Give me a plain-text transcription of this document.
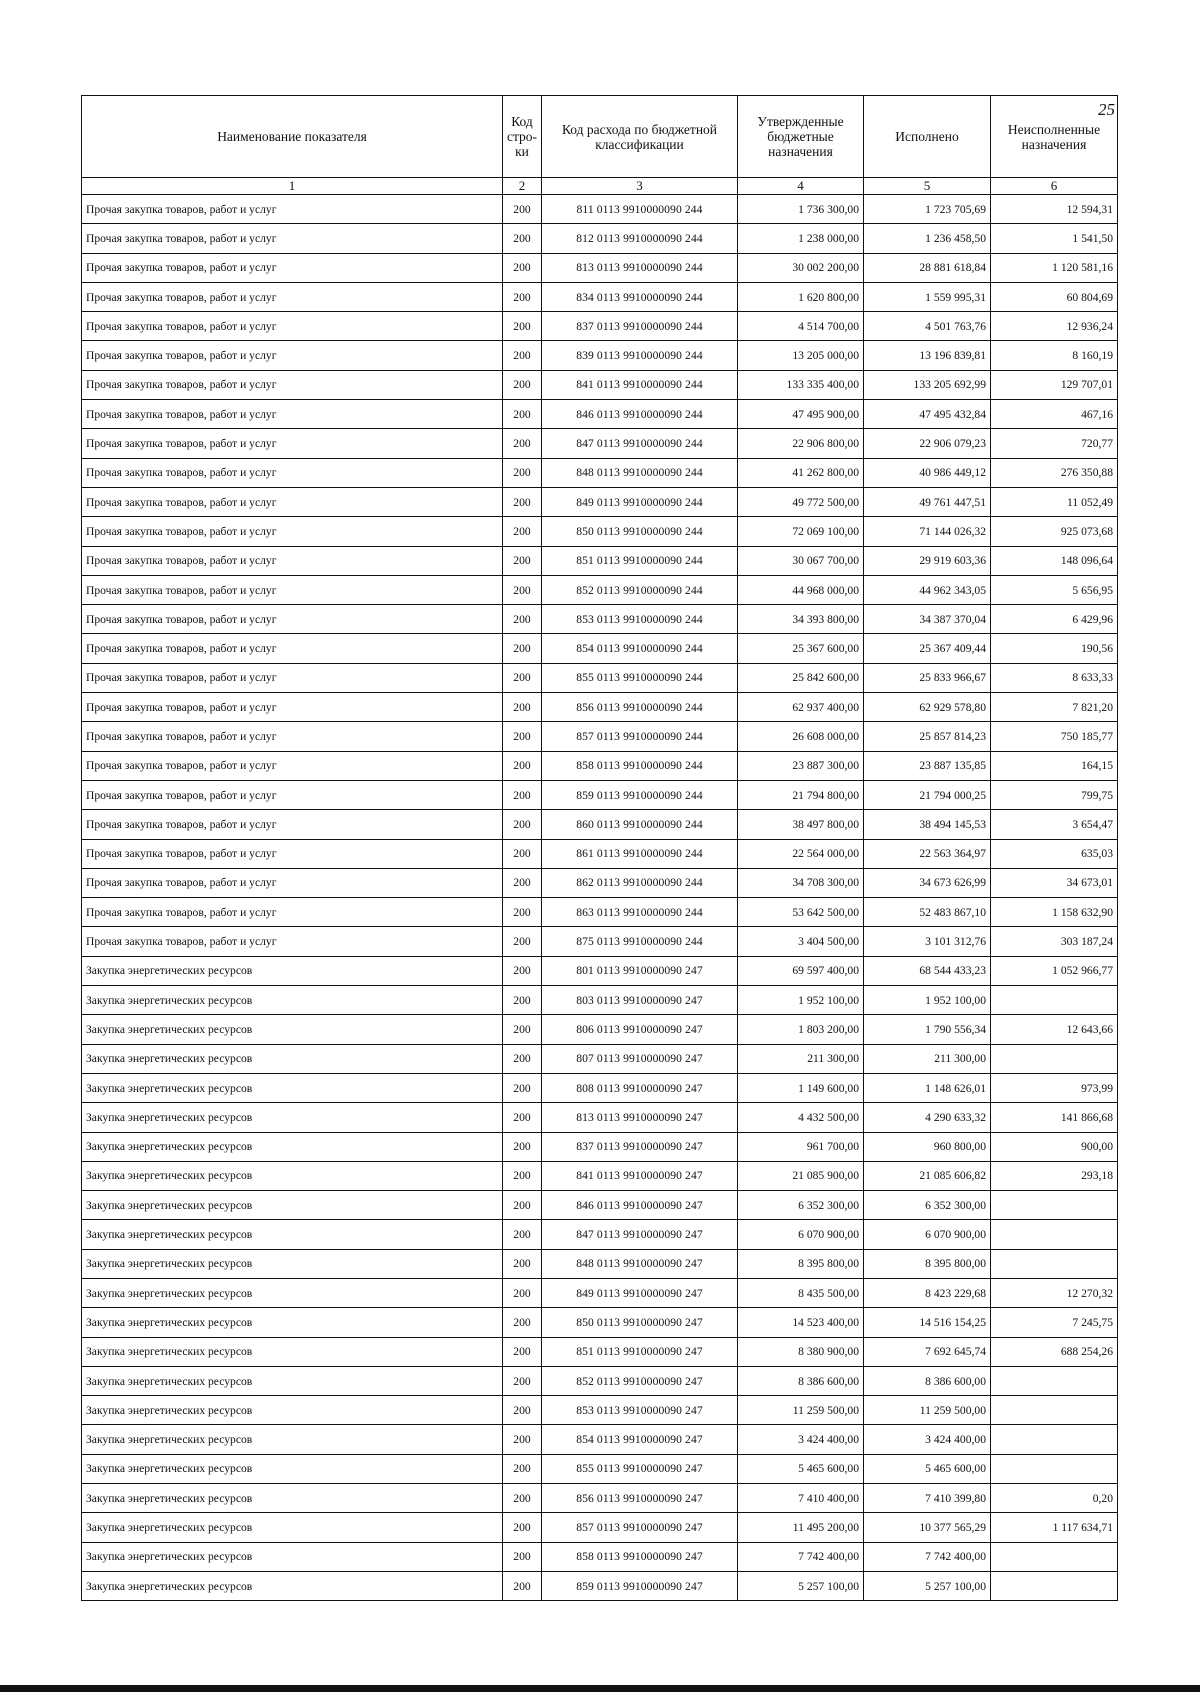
25
Наименование показателя	Код стро-ки	Код расхода по бюджетной классификации	Утвержденные бюджетные назначения	Исполнено	Неисполненные назначения
1	2	3	4	5	6
Прочая закупка товаров, работ и услуг	200	811 0113 9910000090 244	1 736 300,00	1 723 705,69	12 594,31
Прочая закупка товаров, работ и услуг	200	812 0113 9910000090 244	1 238 000,00	1 236 458,50	1 541,50
Прочая закупка товаров, работ и услуг	200	813 0113 9910000090 244	30 002 200,00	28 881 618,84	1 120 581,16
Прочая закупка товаров, работ и услуг	200	834 0113 9910000090 244	1 620 800,00	1 559 995,31	60 804,69
Прочая закупка товаров, работ и услуг	200	837 0113 9910000090 244	4 514 700,00	4 501 763,76	12 936,24
Прочая закупка товаров, работ и услуг	200	839 0113 9910000090 244	13 205 000,00	13 196 839,81	8 160,19
Прочая закупка товаров, работ и услуг	200	841 0113 9910000090 244	133 335 400,00	133 205 692,99	129 707,01
Прочая закупка товаров, работ и услуг	200	846 0113 9910000090 244	47 495 900,00	47 495 432,84	467,16
Прочая закупка товаров, работ и услуг	200	847 0113 9910000090 244	22 906 800,00	22 906 079,23	720,77
Прочая закупка товаров, работ и услуг	200	848 0113 9910000090 244	41 262 800,00	40 986 449,12	276 350,88
Прочая закупка товаров, работ и услуг	200	849 0113 9910000090 244	49 772 500,00	49 761 447,51	11 052,49
Прочая закупка товаров, работ и услуг	200	850 0113 9910000090 244	72 069 100,00	71 144 026,32	925 073,68
Прочая закупка товаров, работ и услуг	200	851 0113 9910000090 244	30 067 700,00	29 919 603,36	148 096,64
Прочая закупка товаров, работ и услуг	200	852 0113 9910000090 244	44 968 000,00	44 962 343,05	5 656,95
Прочая закупка товаров, работ и услуг	200	853 0113 9910000090 244	34 393 800,00	34 387 370,04	6 429,96
Прочая закупка товаров, работ и услуг	200	854 0113 9910000090 244	25 367 600,00	25 367 409,44	190,56
Прочая закупка товаров, работ и услуг	200	855 0113 9910000090 244	25 842 600,00	25 833 966,67	8 633,33
Прочая закупка товаров, работ и услуг	200	856 0113 9910000090 244	62 937 400,00	62 929 578,80	7 821,20
Прочая закупка товаров, работ и услуг	200	857 0113 9910000090 244	26 608 000,00	25 857 814,23	750 185,77
Прочая закупка товаров, работ и услуг	200	858 0113 9910000090 244	23 887 300,00	23 887 135,85	164,15
Прочая закупка товаров, работ и услуг	200	859 0113 9910000090 244	21 794 800,00	21 794 000,25	799,75
Прочая закупка товаров, работ и услуг	200	860 0113 9910000090 244	38 497 800,00	38 494 145,53	3 654,47
Прочая закупка товаров, работ и услуг	200	861 0113 9910000090 244	22 564 000,00	22 563 364,97	635,03
Прочая закупка товаров, работ и услуг	200	862 0113 9910000090 244	34 708 300,00	34 673 626,99	34 673,01
Прочая закупка товаров, работ и услуг	200	863 0113 9910000090 244	53 642 500,00	52 483 867,10	1 158 632,90
Прочая закупка товаров, работ и услуг	200	875 0113 9910000090 244	3 404 500,00	3 101 312,76	303 187,24
Закупка энергетических ресурсов	200	801 0113 9910000090 247	69 597 400,00	68 544 433,23	1 052 966,77
Закупка энергетических ресурсов	200	803 0113 9910000090 247	1 952 100,00	1 952 100,00	
Закупка энергетических ресурсов	200	806 0113 9910000090 247	1 803 200,00	1 790 556,34	12 643,66
Закупка энергетических ресурсов	200	807 0113 9910000090 247	211 300,00	211 300,00	
Закупка энергетических ресурсов	200	808 0113 9910000090 247	1 149 600,00	1 148 626,01	973,99
Закупка энергетических ресурсов	200	813 0113 9910000090 247	4 432 500,00	4 290 633,32	141 866,68
Закупка энергетических ресурсов	200	837 0113 9910000090 247	961 700,00	960 800,00	900,00
Закупка энергетических ресурсов	200	841 0113 9910000090 247	21 085 900,00	21 085 606,82	293,18
Закупка энергетических ресурсов	200	846 0113 9910000090 247	6 352 300,00	6 352 300,00	
Закупка энергетических ресурсов	200	847 0113 9910000090 247	6 070 900,00	6 070 900,00	
Закупка энергетических ресурсов	200	848 0113 9910000090 247	8 395 800,00	8 395 800,00	
Закупка энергетических ресурсов	200	849 0113 9910000090 247	8 435 500,00	8 423 229,68	12 270,32
Закупка энергетических ресурсов	200	850 0113 9910000090 247	14 523 400,00	14 516 154,25	7 245,75
Закупка энергетических ресурсов	200	851 0113 9910000090 247	8 380 900,00	7 692 645,74	688 254,26
Закупка энергетических ресурсов	200	852 0113 9910000090 247	8 386 600,00	8 386 600,00	
Закупка энергетических ресурсов	200	853 0113 9910000090 247	11 259 500,00	11 259 500,00	
Закупка энергетических ресурсов	200	854 0113 9910000090 247	3 424 400,00	3 424 400,00	
Закупка энергетических ресурсов	200	855 0113 9910000090 247	5 465 600,00	5 465 600,00	
Закупка энергетических ресурсов	200	856 0113 9910000090 247	7 410 400,00	7 410 399,80	0,20
Закупка энергетических ресурсов	200	857 0113 9910000090 247	11 495 200,00	10 377 565,29	1 117 634,71
Закупка энергетических ресурсов	200	858 0113 9910000090 247	7 742 400,00	7 742 400,00	
Закупка энергетических ресурсов	200	859 0113 9910000090 247	5 257 100,00	5 257 100,00	
